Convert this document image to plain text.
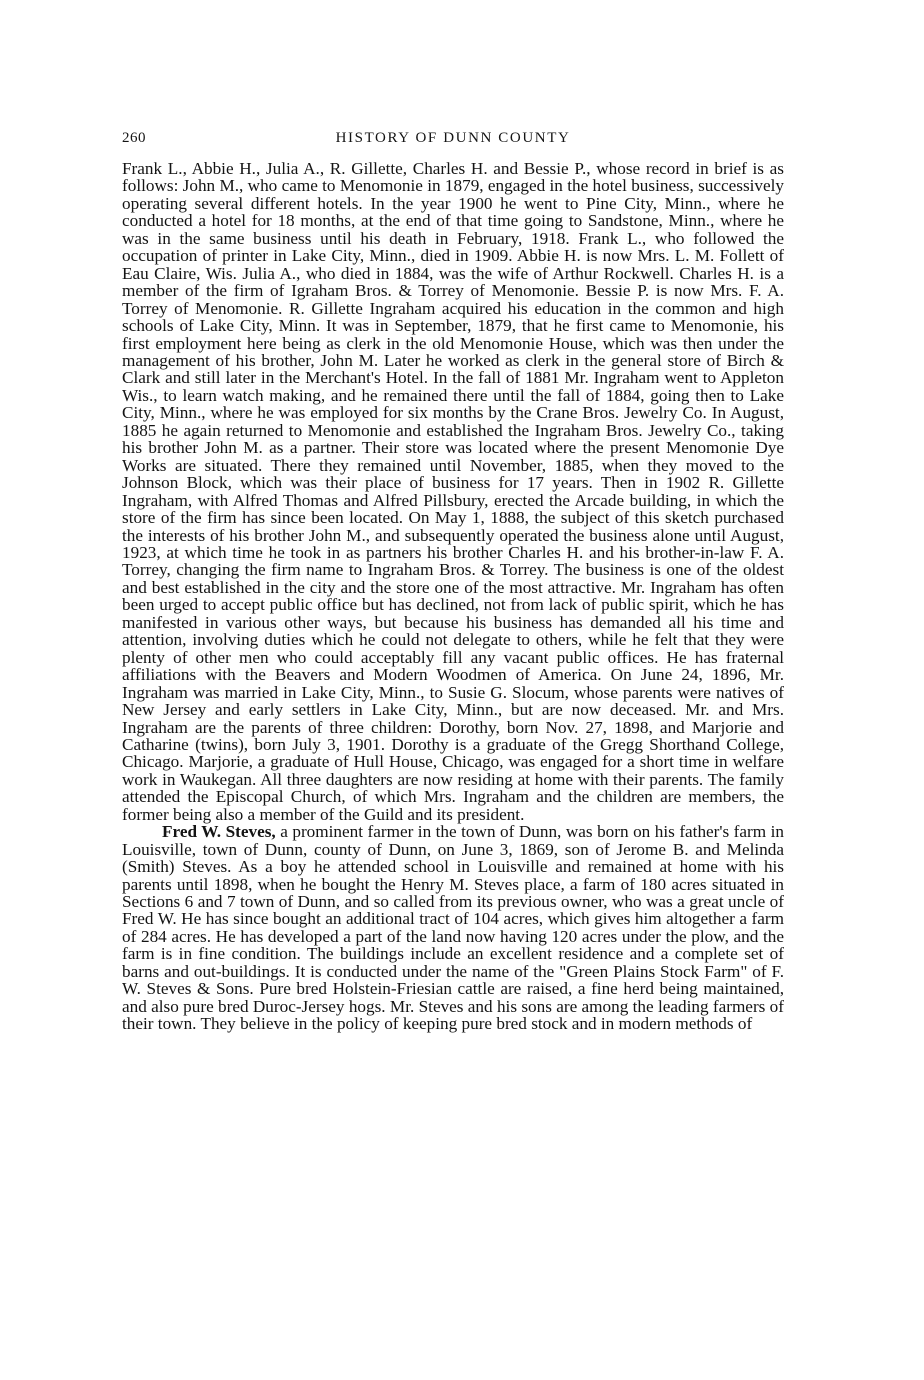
260	HISTORY OF DUNN COUNTY

Frank L., Abbie H., Julia A., R. Gillette, Charles H. and Bessie P., whose record in brief is as follows: John M., who came to Menomonie in 1879, engaged in the hotel business, successively operating several different hotels. In the year 1900 he went to Pine City, Minn., where he conducted a hotel for 18 months, at the end of that time going to Sandstone, Minn., where he was in the same business until his death in February, 1918. Frank L., who followed the occupation of printer in Lake City, Minn., died in 1909. Abbie H. is now Mrs. L. M. Follett of Eau Claire, Wis. Julia A., who died in 1884, was the wife of Arthur Rockwell. Charles H. is a member of the firm of Igraham Bros. & Torrey of Menomonie. Bessie P. is now Mrs. F. A. Torrey of Menomonie. R. Gillette Ingraham acquired his education in the common and high schools of Lake City, Minn. It was in September, 1879, that he first came to Menomonie, his first employment here being as clerk in the old Menomonie House, which was then under the management of his brother, John M. Later he worked as clerk in the general store of Birch & Clark and still later in the Merchant's Hotel. In the fall of 1881 Mr. Ingraham went to Appleton Wis., to learn watch making, and he remained there until the fall of 1884, going then to Lake City, Minn., where he was employed for six months by the Crane Bros. Jewelry Co. In August, 1885 he again returned to Menomonie and established the Ingraham Bros. Jewelry Co., taking his brother John M. as a partner. Their store was located where the present Menomonie Dye Works are situated. There they remained until November, 1885, when they moved to the Johnson Block, which was their place of business for 17 years. Then in 1902 R. Gillette Ingraham, with Alfred Thomas and Alfred Pillsbury, erected the Arcade building, in which the store of the firm has since been located. On May 1, 1888, the subject of this sketch purchased the interests of his brother John M., and subsequently operated the business alone until August, 1923, at which time he took in as partners his brother Charles H. and his brother-in-law F. A. Torrey, changing the firm name to Ingraham Bros. & Torrey. The business is one of the oldest and best established in the city and the store one of the most attractive. Mr. Ingraham has often been urged to accept public office but has declined, not from lack of public spirit, which he has manifested in various other ways, but because his business has demanded all his time and attention, involving duties which he could not delegate to others, while he felt that they were plenty of other men who could acceptably fill any vacant public offices. He has fraternal affiliations with the Beavers and Modern Woodmen of America. On June 24, 1896, Mr. Ingraham was married in Lake City, Minn., to Susie G. Slocum, whose parents were natives of New Jersey and early settlers in Lake City, Minn., but are now deceased. Mr. and Mrs. Ingraham are the parents of three children: Dorothy, born Nov. 27, 1898, and Marjorie and Catharine (twins), born July 3, 1901. Dorothy is a graduate of the Gregg Shorthand College, Chicago. Marjorie, a graduate of Hull House, Chicago, was engaged for a short time in welfare work in Waukegan. All three daughters are now residing at home with their parents. The family attended the Episcopal Church, of which Mrs. Ingraham and the children are members, the former being also a member of the Guild and its president.

Fred W. Steves, a prominent farmer in the town of Dunn, was born on his father's farm in Louisville, town of Dunn, county of Dunn, on June 3, 1869, son of Jerome B. and Melinda (Smith) Steves. As a boy he attended school in Louisville and remained at home with his parents until 1898, when he bought the Henry M. Steves place, a farm of 180 acres situated in Sections 6 and 7 town of Dunn, and so called from its previous owner, who was a great uncle of Fred W. He has since bought an additional tract of 104 acres, which gives him altogether a farm of 284 acres. He has developed a part of the land now having 120 acres under the plow, and the farm is in fine condition. The buildings include an excellent residence and a complete set of barns and out-buildings. It is conducted under the name of the "Green Plains Stock Farm" of F. W. Steves & Sons. Pure bred Holstein-Friesian cattle are raised, a fine herd being maintained, and also pure bred Duroc-Jersey hogs. Mr. Steves and his sons are among the leading farmers of their town. They believe in the policy of keeping pure bred stock and in modern methods of
